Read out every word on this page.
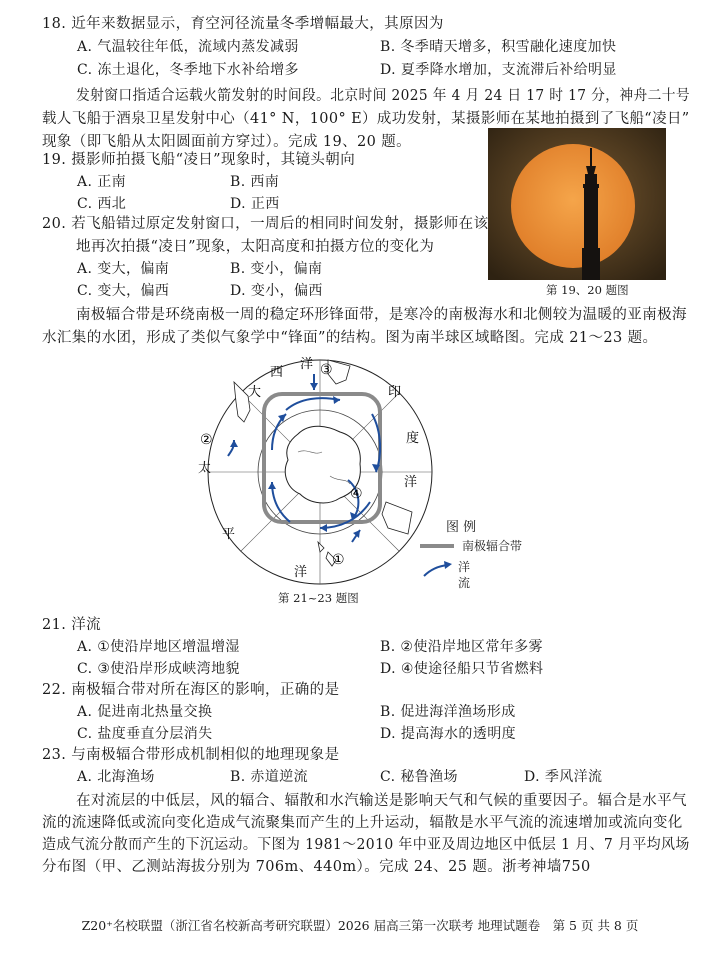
18. 近年来数据显示，育空河径流量冬季增幅最大，其原因为
A. 气温较往年低，流域内蒸发减弱	B. 冬季晴天增多，积雪融化速度加快
C. 冻土退化，冬季地下水补给增多	D. 夏季降水增加，支流滞后补给明显
发射窗口指适合运载火箭发射的时间段。北京时间 2025 年 4 月 24 日 17 时 17 分，神舟二十号
载人飞船于酒泉卫星发射中心（41° N，100° E）成功发射，某摄影师在某地拍摄到了飞船“凌日”
现象（即飞船从太阳圆面前方穿过）。完成 19、20 题。
19. 摄影师拍摄飞船“凌日”现象时，其镜头朝向
A. 正南	B. 西南
C. 西北	D. 正西
20. 若飞船错过原定发射窗口，一周后的相同时间发射，摄影师在该
地再次拍摄“凌日”现象，太阳高度和拍摄方位的变化为
A. 变大，偏南	B. 变小，偏南
C. 变大，偏西	D. 变小，偏西	第 19、20 题图
南极辐合带是环绕南极一周的稳定环形锋面带，是寒冷的南极海水和北侧较为温暖的亚南极海
水汇集的水团，形成了类似气象学中“锋面”的结构。图为南半球区域略图。完成 21～23 题。
西
洋
大	印
度
洋
太
平
洋
①
②
③
④
第 21~23 题图
图 例
南极辐合带
洋
流
21. 洋流
A. ①使沿岸地区增温增湿	B. ②使沿岸地区常年多雾
C. ③使沿岸形成峡湾地貌	D. ④使途径船只节省燃料
22. 南极辐合带对所在海区的影响，正确的是
A. 促进南北热量交换	B. 促进海洋渔场形成
C. 盐度垂直分层消失	D. 提高海水的透明度
23. 与南极辐合带形成机制相似的地理现象是
A. 北海渔场	B. 赤道逆流	C. 秘鲁渔场	D. 季风洋流
在对流层的中低层，风的辐合、辐散和水汽输送是影响天气和气候的重要因子。辐合是水平气
流的流速降低或流向变化造成气流聚集而产生的上升运动，辐散是水平气流的流速增加或流向变化
造成气流分散而产生的下沉运动。下图为 1981～2010 年中亚及周边地区中低层 1 月、7 月平均风场
分布图（甲、乙测站海拔分别为 706m、440m）。完成 24、25 题。浙考神墙750
Z20⁺名校联盟（浙江省名校新高考研究联盟）2026 届高三第一次联考 地理试题卷　第 5 页 共 8 页
